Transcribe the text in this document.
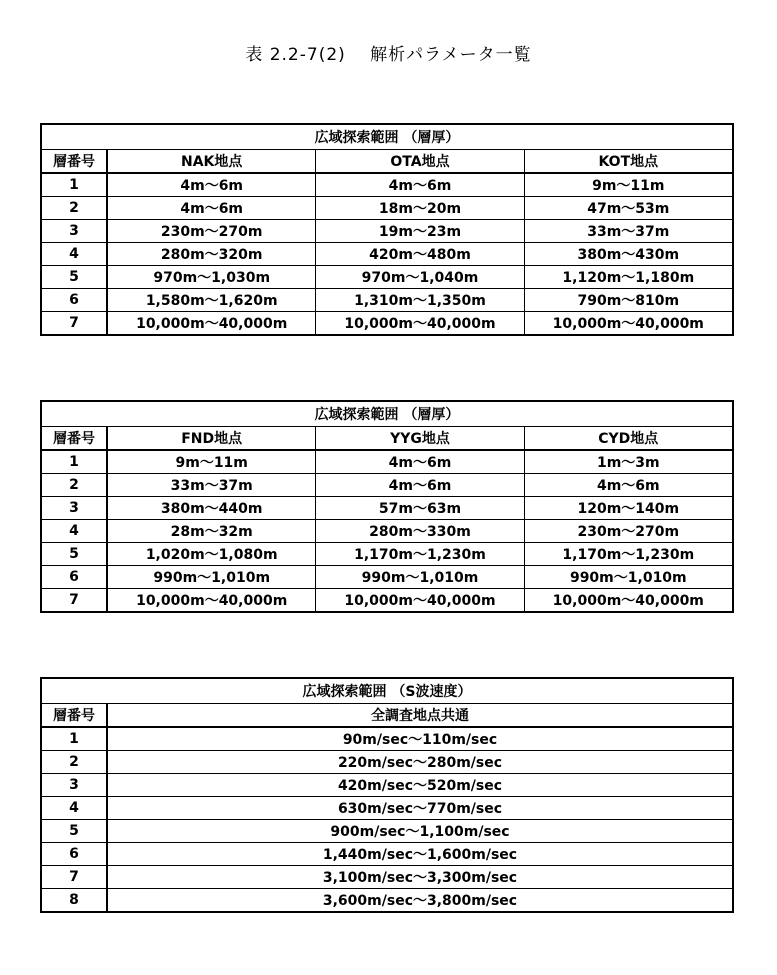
表 2.2-7(2)　 解析パラメータ一覧
広域探索範囲 （層厚）			
層番号	NAK地点	OTA地点	KOT地点
1	4m～6m	4m～6m	9m～11m
2	4m～6m	18m～20m	47m～53m
3	230m～270m	19m～23m	33m～37m
4	280m～320m	420m～480m	380m～430m
5	970m～1,030m	970m～1,040m	1,120m～1,180m
6	1,580m～1,620m	1,310m～1,350m	790m～810m
7	10,000m～40,000m	10,000m～40,000m	10,000m～40,000m
広域探索範囲 （層厚）			
層番号	FND地点	YYG地点	CYD地点
1	9m～11m	4m～6m	1m～3m
2	33m～37m	4m～6m	4m～6m
3	380m～440m	57m～63m	120m～140m
4	28m～32m	280m～330m	230m～270m
5	1,020m～1,080m	1,170m～1,230m	1,170m～1,230m
6	990m～1,010m	990m～1,010m	990m～1,010m
7	10,000m～40,000m	10,000m～40,000m	10,000m～40,000m
広域探索範囲 （S波速度）	
層番号	全調査地点共通
1	90m/sec～110m/sec
2	220m/sec～280m/sec
3	420m/sec～520m/sec
4	630m/sec～770m/sec
5	900m/sec～1,100m/sec
6	1,440m/sec～1,600m/sec
7	3,100m/sec～3,300m/sec
8	3,600m/sec～3,800m/sec
